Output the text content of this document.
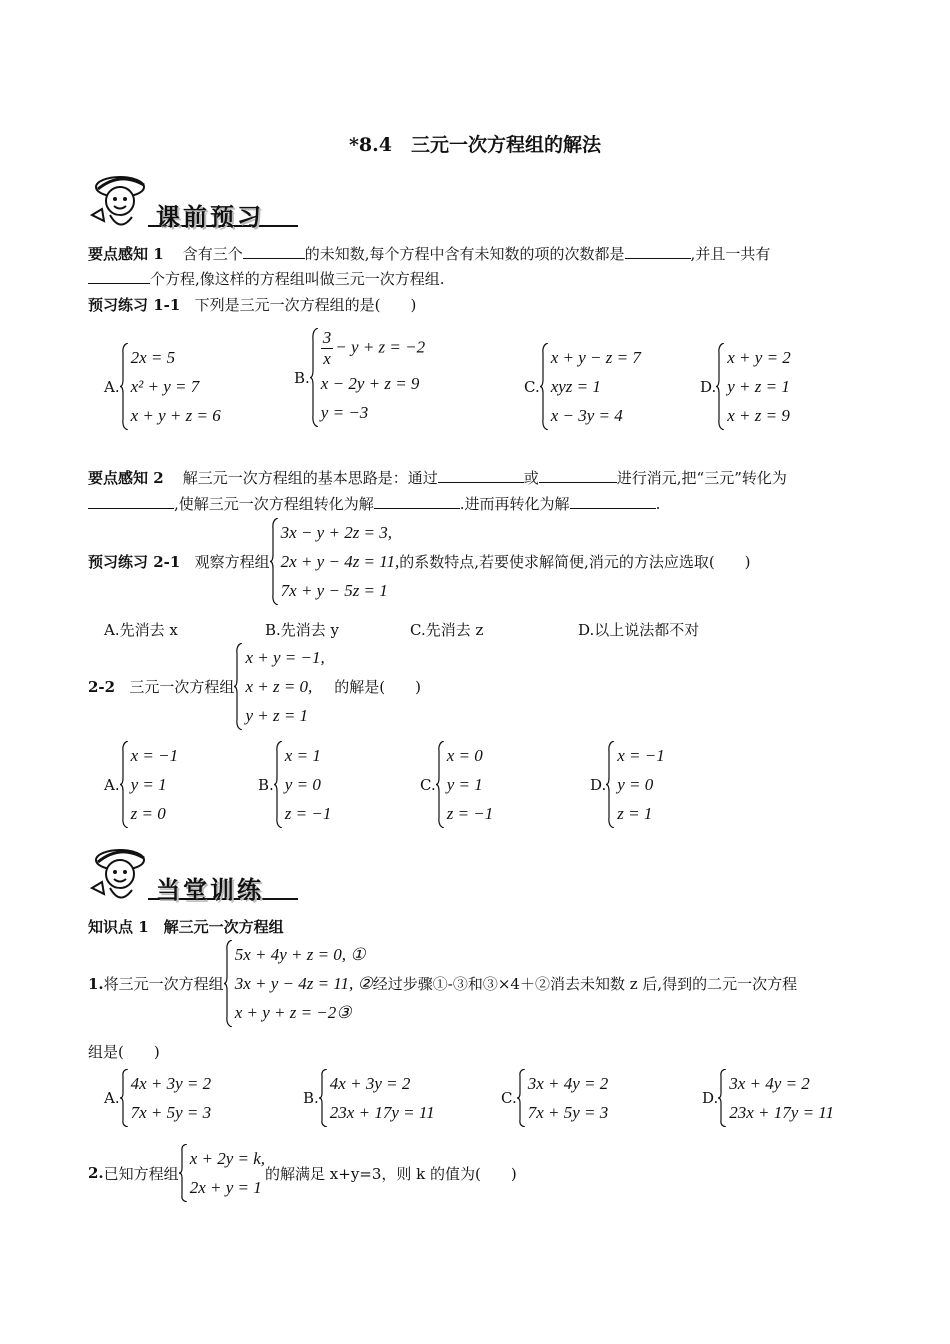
*8.4　三元一次方程组的解法
课前预习
要点感知 1 含有三个	的未知数,每个方程中含有未知数的项的次数都是	,并且一共有
个方程,像这样的方程组叫做三元一次方程组.
预习练习 1-1 下列是三元一次方程组的是(　　)
A.
2x = 5
x² + y = 7
x + y + z = 6
B.
$\frac{3}{x} - y + z = -2$
x − 2y + z = 9
y = −3
C.
x + y − z = 7
xyz = 1
x − 3y = 4
D.
x + y = 2
y + z = 1
x + z = 9
要点感知 2 解三元一次方程组的基本思路是：通过	或	进行消元,把“三元”转化为
,使解三元一次方程组转化为解	.进而再转化为解	.
预习练习 2-1
观察方程组
3x − y + 2z = 3,
2x + y − 4z = 11,
7x + y − 5z = 1
的系数特点,若要使求解简便,消元的方法应选取(　　)
A.先消去 x	B.先消去 y	C.先消去 z	D.以上说法都不对
2-2
三元一次方程组
x + y = −1,
x + z = 0,
y + z = 1

的解是(　　)
A.
x = −1
y = 1
z = 0
B.
x = 1
y = 0
z = −1
C.
x = 0
y = 1
z = −1
D.
x = −1
y = 0
z = 1
当堂训练
知识点 1　解三元一次方程组
1. 将三元一次方程组
5x + 4y + z = 0, ①
3x + y − 4z = 11, ②
x + y + z = −2③
经过步骤①-③和③×4＋②消去未知数 z 后,得到的二元一次方程
组是(　　)
A.
4x + 3y = 2
7x + 5y = 3
B.
4x + 3y = 2
23x + 17y = 11
C.
3x + 4y = 2
7x + 5y = 3
D.
3x + 4y = 2
23x + 17y = 11
2. 已知方程组
x + 2y = k,
2x + y = 1
的解满足 x+y=3，则 k 的值为(　　)
